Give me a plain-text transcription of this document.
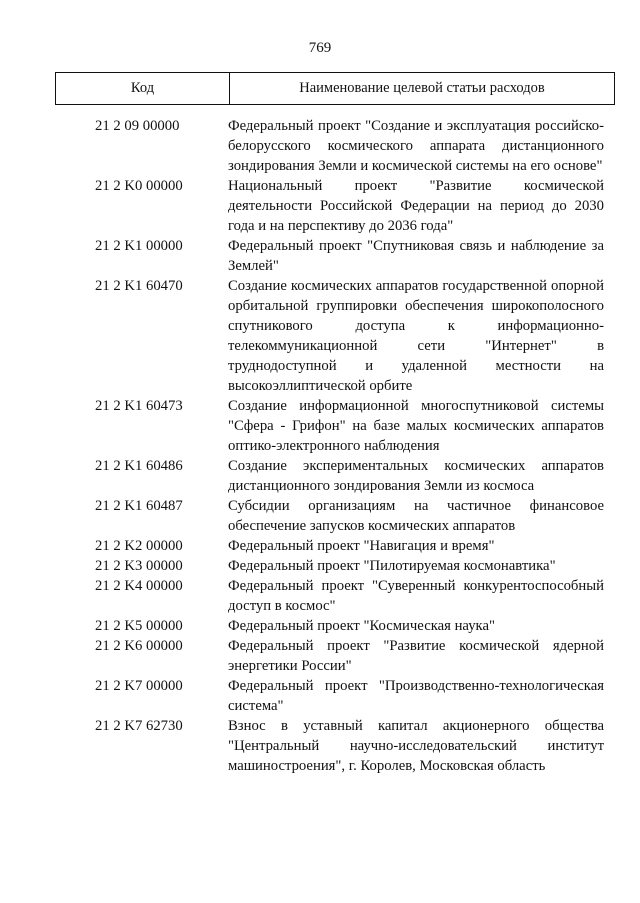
769
Код	Наименование целевой статьи расходов
21 2 09 00000	Федеральный проект "Создание и эксплуатация российско-белорусского космического аппарата дистанционного зондирования Земли и космической системы на его основе"
21 2 K0 00000	Национальный проект "Развитие космической деятельности Российской Федерации на период до 2030 года и на перспективу до 2036 года"
21 2 K1 00000	Федеральный проект "Спутниковая связь и наблюдение за Землей"
21 2 K1 60470	Создание космических аппаратов государственной опорной орбитальной группировки обеспечения широкополосного спутникового доступа к информационно-телекоммуникационной сети "Интернет" в труднодоступной и удаленной местности на высокоэллиптической орбите
21 2 K1 60473	Создание информационной многоспутниковой системы "Сфера - Грифон" на базе малых космических аппаратов оптико-электронного наблюдения
21 2 K1 60486	Создание экспериментальных космических аппаратов дистанционного зондирования Земли из космоса
21 2 K1 60487	Субсидии организациям на частичное финансовое обеспечение запусков космических аппаратов
21 2 K2 00000	Федеральный проект "Навигация и время"
21 2 K3 00000	Федеральный проект "Пилотируемая космонавтика"
21 2 K4 00000	Федеральный проект "Суверенный конкурентоспособный доступ в космос"
21 2 K5 00000	Федеральный проект "Космическая наука"
21 2 K6 00000	Федеральный проект "Развитие космической ядерной энергетики России"
21 2 K7 00000	Федеральный проект "Производственно-технологическая система"
21 2 K7 62730	Взнос в уставный капитал акционерного общества "Центральный научно-исследовательский институт машиностроения", г. Королев, Московская область
